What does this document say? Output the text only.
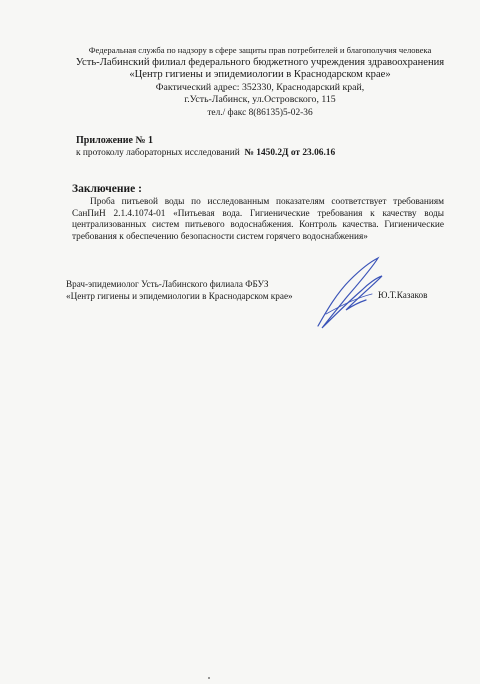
Федеральная служба по надзору в сфере защиты прав потребителей и благополучия человека
Усть-Лабинский филиал федерального бюджетного учреждения здравоохранения
«Центр гигиены и эпидемиологии в Краснодарском крае»
Фактический адрес: 352330, Краснодарский край,
г.Усть-Лабинск, ул.Островского, 115
тел./ факс 8(86135)5-02-36
Приложение № 1
к протоколу лабораторных исследований № 1450.2Д от 23.06.16
Заключение :
Проба питьевой воды по исследованным показателям соответствует требованиям СанПиН 2.1.4.1074-01 «Питьевая вода. Гигиенические требования к качеству воды централизованных систем питьевого водоснабжения. Контроль качества. Гигиенические требования к обеспечению безопасности систем горячего водоснабжения»
Врач-эпидемиолог Усть-Лабинского филиала ФБУЗ
«Центр гигиены и эпидемиологии в Краснодарском крае»	Ю.Т.Казаков
